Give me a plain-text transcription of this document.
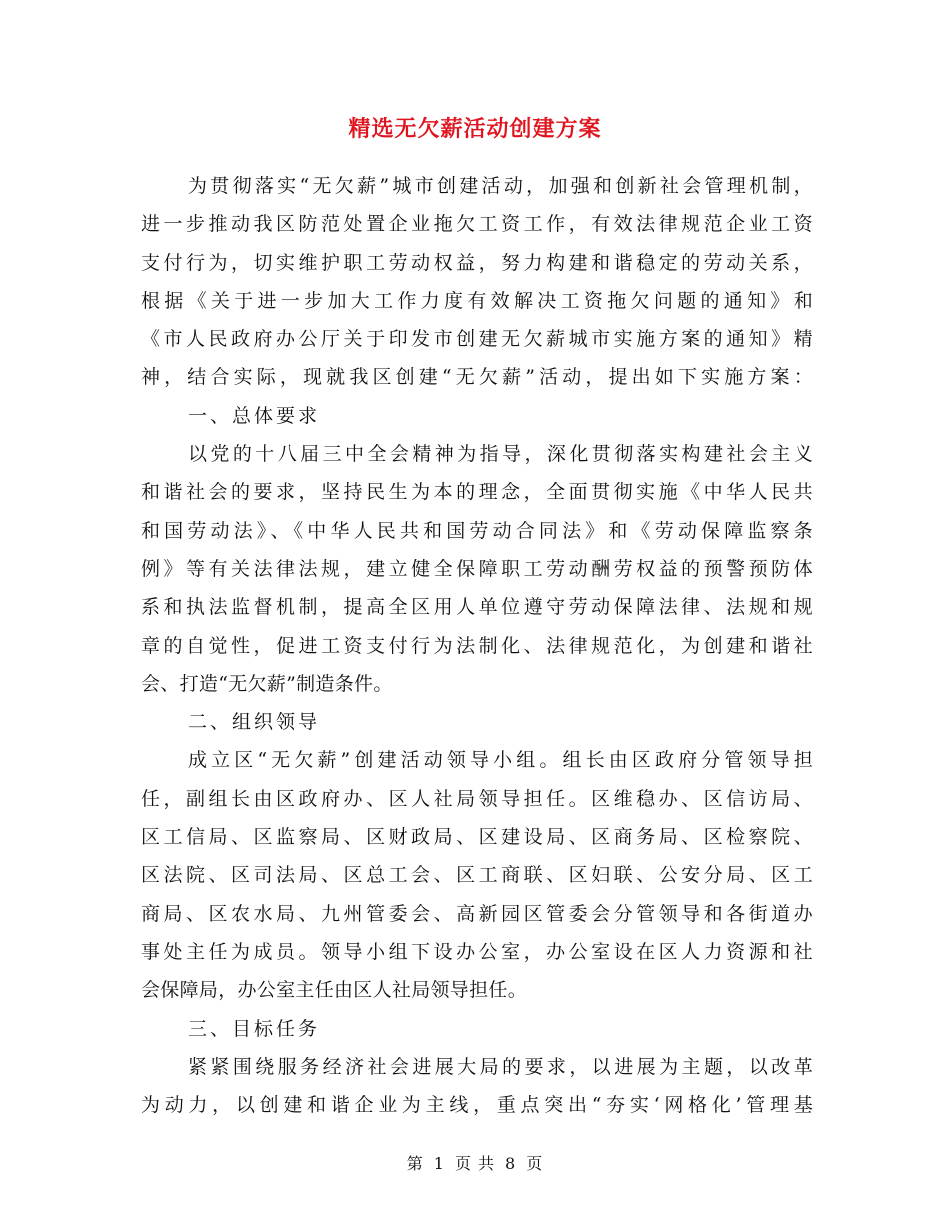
精选无欠薪活动创建方案
为贯彻落实“无欠薪”城市创建活动，加强和创新社会管理机制，
进一步推动我区防范处置企业拖欠工资工作，有效法律规范企业工资
支付行为，切实维护职工劳动权益，努力构建和谐稳定的劳动关系，
根据《关于进一步加大工作力度有效解决工资拖欠问题的通知》和
《市人民政府办公厅关于印发市创建无欠薪城市实施方案的通知》精
神，结合实际，现就我区创建“无欠薪”活动，提出如下实施方案：
一、总体要求
以党的十八届三中全会精神为指导，深化贯彻落实构建社会主义
和谐社会的要求，坚持民生为本的理念，全面贯彻实施《中华人民共
和国劳动法》、《中华人民共和国劳动合同法》和《劳动保障监察条
例》等有关法律法规，建立健全保障职工劳动酬劳权益的预警预防体
系和执法监督机制，提高全区用人单位遵守劳动保障法律、法规和规
章的自觉性，促进工资支付行为法制化、法律规范化，为创建和谐社
会、打造“无欠薪”制造条件。
二、组织领导
成立区“无欠薪”创建活动领导小组。组长由区政府分管领导担
任，副组长由区政府办、区人社局领导担任。区维稳办、区信访局、
区工信局、区监察局、区财政局、区建设局、区商务局、区检察院、
区法院、区司法局、区总工会、区工商联、区妇联、公安分局、区工
商局、区农水局、九州管委会、高新园区管委会分管领导和各街道办
事处主任为成员。领导小组下设办公室，办公室设在区人力资源和社
会保障局，办公室主任由区人社局领导担任。
三、目标任务
紧紧围绕服务经济社会进展大局的要求，以进展为主题，以改革
为动力，以创建和谐企业为主线，重点突出“夯实‘网格化’管理基
第 1 页 共 8 页
